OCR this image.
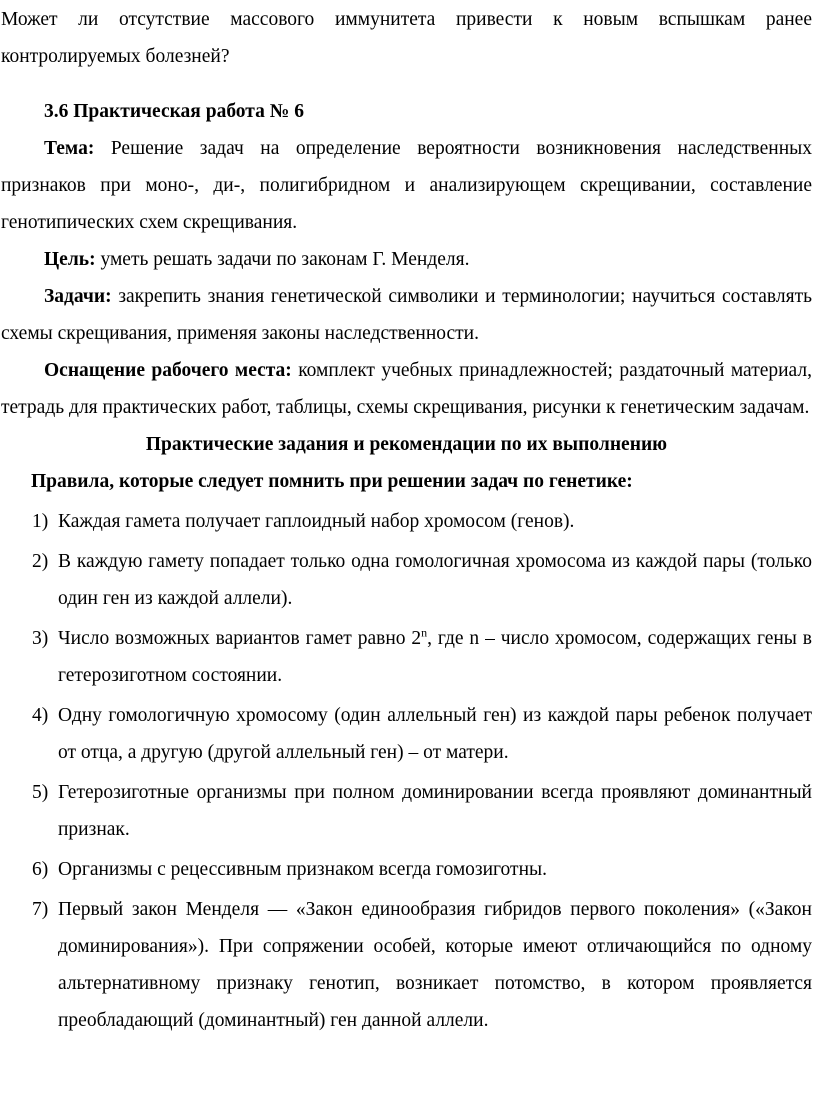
Может ли отсутствие массового иммунитета привести к новым вспышкам ранее контролируемых болезней?

3.6 Практическая работа № 6

Тема: Решение задач на определение вероятности возникновения наследственных признаков при моно-, ди-, полигибридном и анализирующем скрещивании, составление генотипических схем скрещивания.

Цель: уметь решать задачи по законам Г. Менделя.

Задачи: закрепить знания генетической символики и терминологии; научиться составлять схемы скрещивания, применяя законы наследственности.

Оснащение рабочего места: комплект учебных принадлежностей; раздаточный материал, тетрадь для практических работ, таблицы, схемы скрещивания, рисунки к генетическим задачам.

Практические задания и рекомендации по их выполнению

Правила, которые следует помнить при решении задач по генетике:

1) Каждая гамета получает гаплоидный набор хромосом (генов).
2) В каждую гамету попадает только одна гомологичная хромосома из каждой пары (только один ген из каждой аллели).
3) Число возможных вариантов гамет равно 2$^n$, где n – число хромосом, содержащих гены в гетерозиготном состоянии.
4) Одну гомологичную хромосому (один аллельный ген) из каждой пары ребенок получает от отца, а другую (другой аллельный ген) – от матери.
5) Гетерозиготные организмы при полном доминировании всегда проявляют доминантный признак.
6) Организмы с рецессивным признаком всегда гомозиготны.
7) Первый закон Менделя — «Закон единообразия гибридов первого поколения» («Закон доминирования»). При сопряжении особей, которые имеют отличающийся по одному альтернативному признаку генотип, возникает потомство, в котором проявляется преобладающий (доминантный) ген данной аллели.
